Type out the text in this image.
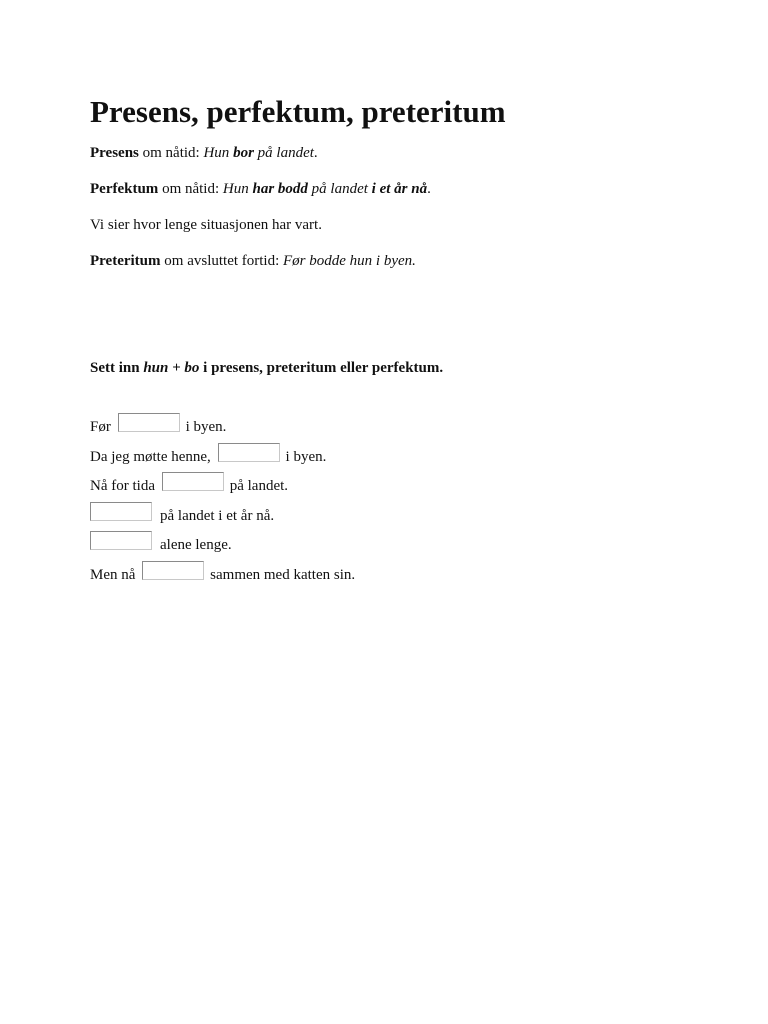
Presens, perfektum, preteritum

Presens om nåtid: Hun bor på landet.

Perfektum om nåtid: Hun har bodd på landet i et år nå.

Vi sier hvor lenge situasjonen har vart.

Preteritum om avsluttet fortid: Før bodde hun i byen.

Sett inn hun + bo i presens, preteritum eller perfektum.

Før	i byen.
Da jeg møtte henne,	i byen.
Nå for tida	på landet.
på landet i et år nå.
alene lenge.
Men nå	sammen med katten sin.
